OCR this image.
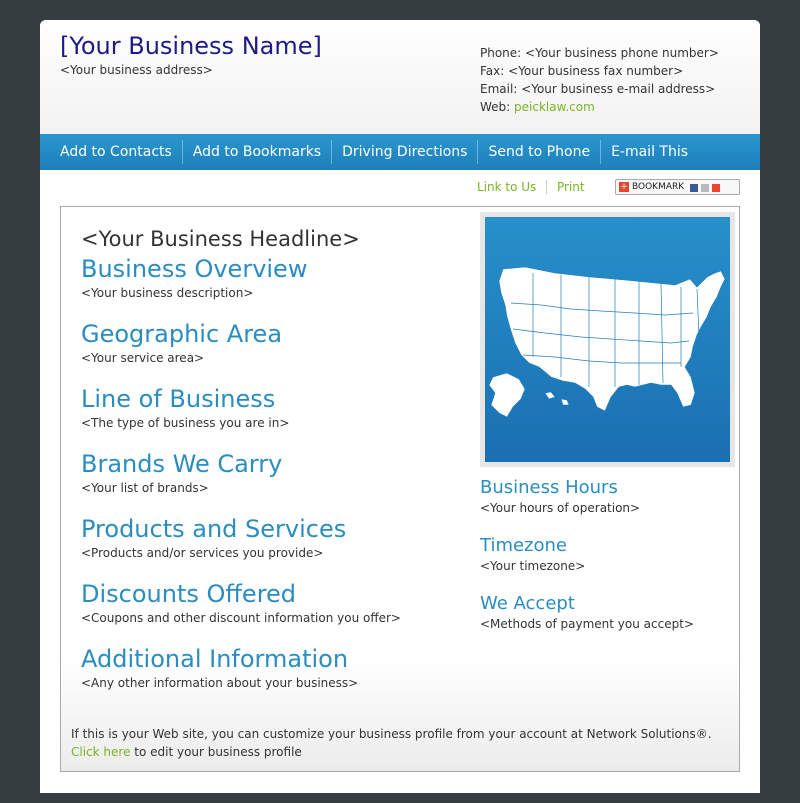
[Your Business Name]
<Your business address>
Phone: <Your business phone number>
Fax: <Your business fax number>
Email: <Your business e-mail address>
Web: peicklaw.com
Add to Contacts	Add to Bookmarks	Driving Directions	Send to Phone	E-mail This
Link to Us Print	+ BOOKMARK
<Your Business Headline>
Business Overview
<Your business description>
Geographic Area
<Your service area>
Line of Business
<The type of business you are in>
Brands We Carry
<Your list of brands>
Products and Services
<Products and/or services you provide>
Discounts Offered
<Coupons and other discount information you offer>
Additional Information
<Any other information about your business>
Business Hours
<Your hours of operation>
Timezone
<Your timezone>
We Accept
<Methods of payment you accept>
If this is your Web site, you can customize your business profile from your account at Network Solutions®.
Click here to edit your business profile
